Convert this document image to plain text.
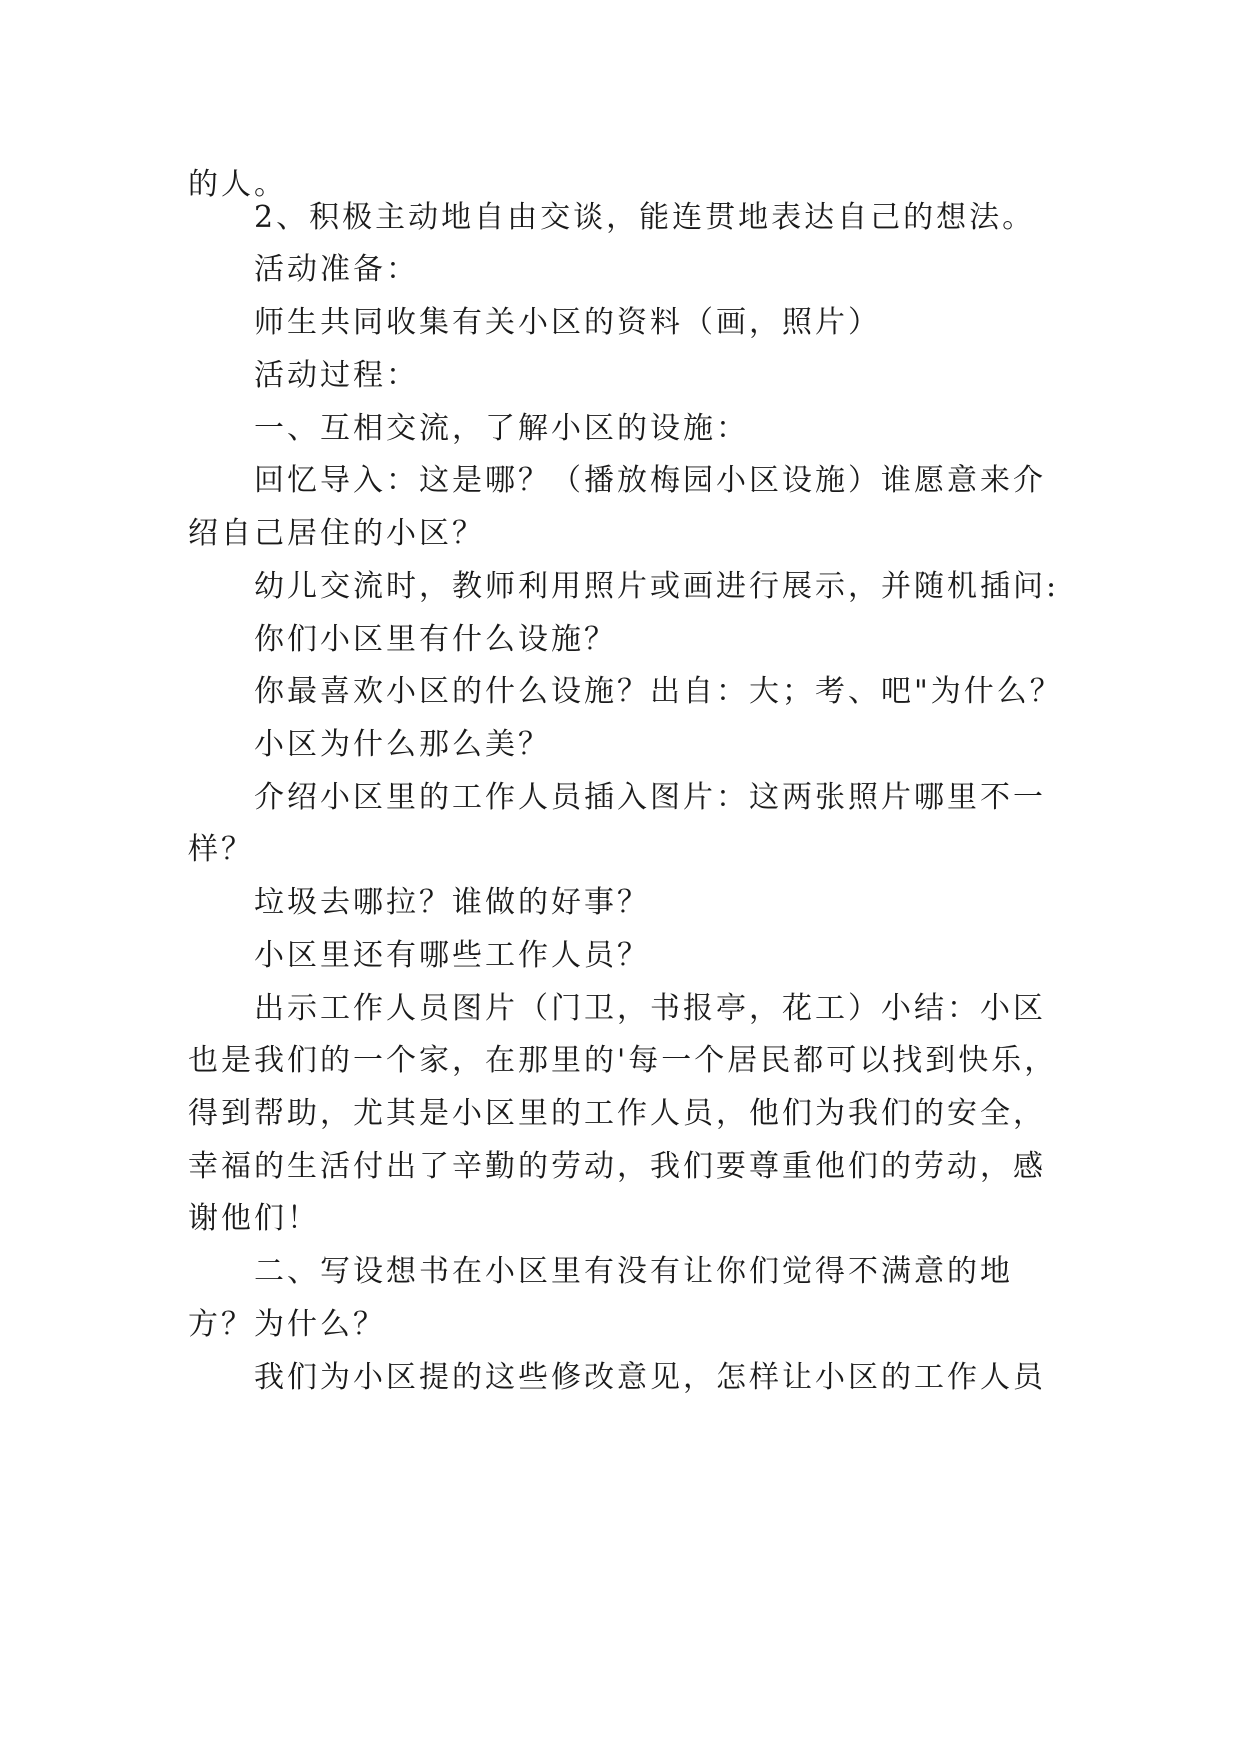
的人。
2、积极主动地自由交谈，能连贯地表达自己的想法。
活动准备：
师生共同收集有关小区的资料（画，照片）
活动过程：
一、互相交流，了解小区的设施：
回忆导入：这是哪？（播放梅园小区设施）谁愿意来介
绍自己居住的小区？
幼儿交流时，教师利用照片或画进行展示，并随机插问:
你们小区里有什么设施？
你最喜欢小区的什么设施？出自：大；考、吧"为什么？
小区为什么那么美？
介绍小区里的工作人员插入图片：这两张照片哪里不一
样？
垃圾去哪拉？谁做的好事？
小区里还有哪些工作人员？
出示工作人员图片（门卫，书报亭，花工）小结：小区
也是我们的一个家，在那里的'每一个居民都可以找到快乐，
得到帮助，尤其是小区里的工作人员，他们为我们的安全，
幸福的生活付出了辛勤的劳动，我们要尊重他们的劳动，感
谢他们！
二、写设想书在小区里有没有让你们觉得不满意的地
方？为什么？
我们为小区提的这些修改意见，怎样让小区的工作人员
